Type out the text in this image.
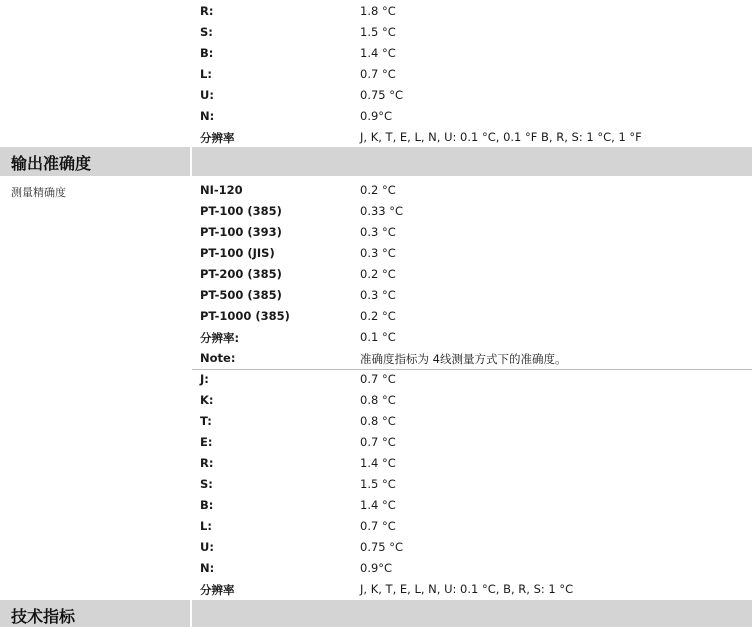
R:	1.8 °C
S:	1.5 °C
B:	1.4 °C
L:	0.7 °C
U:	0.75 °C
N:	0.9°C
分辨率	J, K, T, E, L, N, U: 0.1 °C, 0.1 °F B, R, S: 1 °C, 1 °F
输出准确度
测量精确度	NI-120	0.2 °C
PT-100 (385)	0.33 °C
PT-100 (393)	0.3 °C
PT-100 (JIS)	0.3 °C
PT-200 (385)	0.2 °C
PT-500 (385)	0.3 °C
PT-1000 (385)	0.2 °C
分辨率:	0.1 °C
Note:	准确度指标为 4线测量方式下的准确度。
J:	0.7 °C
K:	0.8 °C
T:	0.8 °C
E:	0.7 °C
R:	1.4 °C
S:	1.5 °C
B:	1.4 °C
L:	0.7 °C
U:	0.75 °C
N:	0.9°C
分辨率	J, K, T, E, L, N, U: 0.1 °C, B, R, S: 1 °C
技术指标
